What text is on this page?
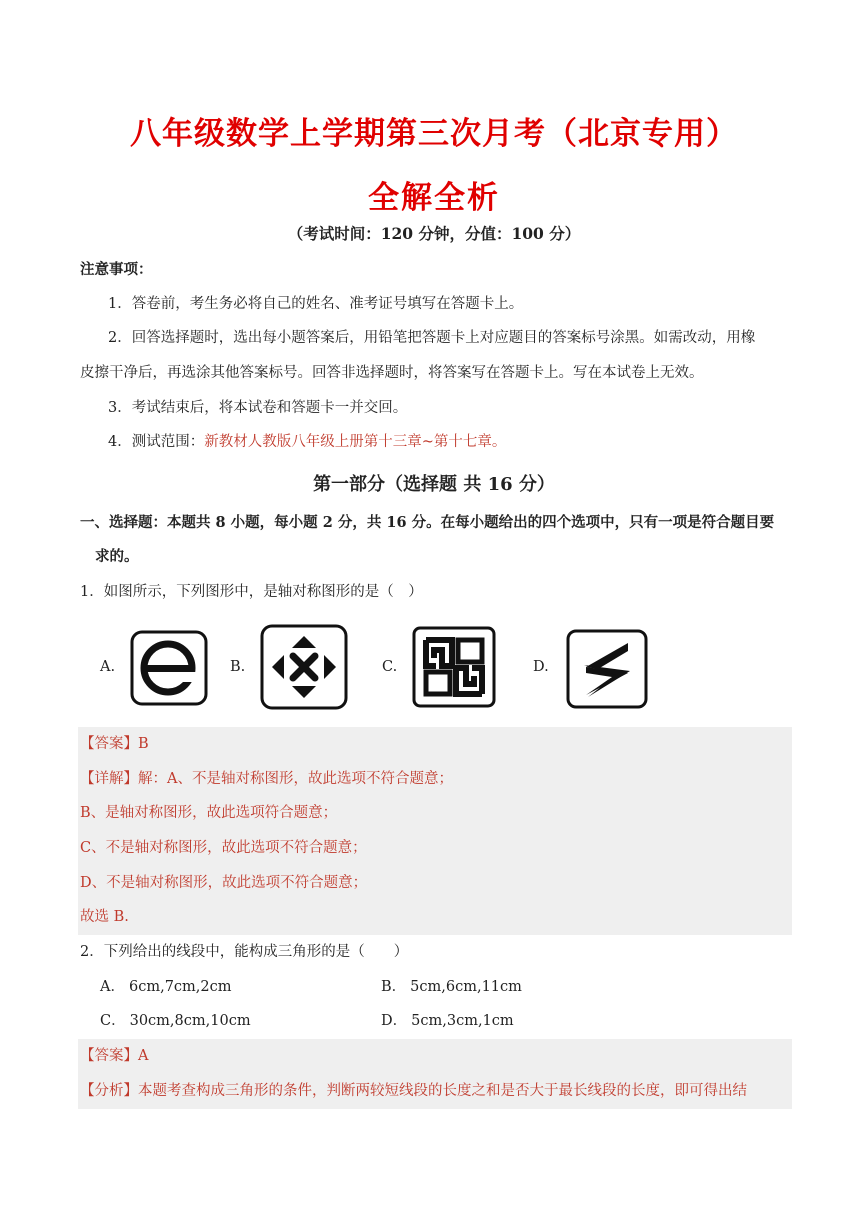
八年级数学上学期第三次月考（北京专用）
全解全析
（考试时间：120 分钟，分值：100 分）
注意事项：
1．答卷前，考生务必将自己的姓名、准考证号填写在答题卡上。
2．回答选择题时，选出每小题答案后，用铅笔把答题卡上对应题目的答案标号涂黑。如需改动，用橡
皮擦干净后，再选涂其他答案标号。回答非选择题时，将答案写在答题卡上。写在本试卷上无效。
3．考试结束后，将本试卷和答题卡一并交回。
4．测试范围：新教材人教版八年级上册第十三章~第十七章。
第一部分（选择题 共 16 分）
一、选择题：本题共 8 小题，每小题 2 分，共 16 分。在每小题给出的四个选项中，只有一项是符合题目要
求的。
1．如图所示，下列图形中，是轴对称图形的是（　）
A.	B.	C.	D.
【答案】B
【详解】解：A、不是轴对称图形，故此选项不符合题意；
B、是轴对称图形，故此选项符合题意；
C、不是轴对称图形，故此选项不符合题意；
D、不是轴对称图形，故此选项不符合题意；
故选 B.
2．下列给出的线段中，能构成三角形的是（　　）
A． 6cm,7cm,2cm	B． 5cm,6cm,11cm
C． 30cm,8cm,10cm	D． 5cm,3cm,1cm
【答案】A
【分析】本题考查构成三角形的条件，判断两较短线段的长度之和是否大于最长线段的长度，即可得出结
